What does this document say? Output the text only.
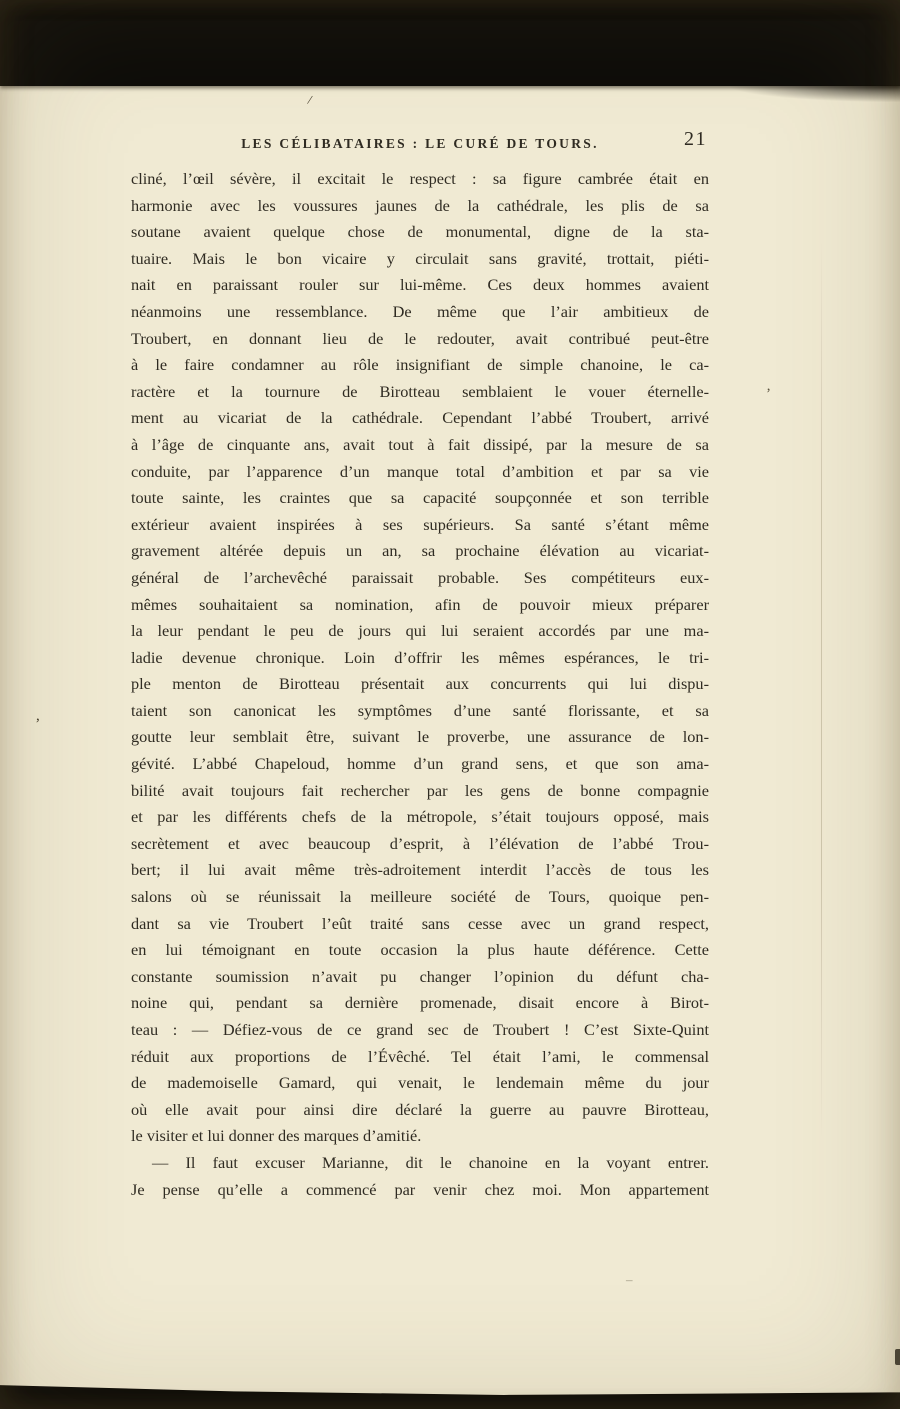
LES CÉLIBATAIRES : LE CURÉ DE TOURS.	21
cliné, l’œil sévère, il excitait le respect : sa figure cambrée était en
harmonie avec les voussures jaunes de la cathédrale, les plis de sa
soutane avaient quelque chose de monumental, digne de la sta-
tuaire. Mais le bon vicaire y circulait sans gravité, trottait, piéti-
nait en paraissant rouler sur lui-même. Ces deux hommes avaient
néanmoins une ressemblance. De même que l’air ambitieux de
Troubert, en donnant lieu de le redouter, avait contribué peut-être
à le faire condamner au rôle insignifiant de simple chanoine, le ca-
ractère et la tournure de Birotteau semblaient le vouer éternelle-
ment au vicariat de la cathédrale. Cependant l’abbé Troubert, arrivé
à l’âge de cinquante ans, avait tout à fait dissipé, par la mesure de sa
conduite, par l’apparence d’un manque total d’ambition et par sa vie
toute sainte, les craintes que sa capacité soupçonnée et son terrible
extérieur avaient inspirées à ses supérieurs. Sa santé s’étant même
gravement altérée depuis un an, sa prochaine élévation au vicariat-
général de l’archevêché paraissait probable. Ses compétiteurs eux-
mêmes souhaitaient sa nomination, afin de pouvoir mieux préparer
la leur pendant le peu de jours qui lui seraient accordés par une ma-
ladie devenue chronique. Loin d’offrir les mêmes espérances, le tri-
ple menton de Birotteau présentait aux concurrents qui lui dispu-
taient son canonicat les symptômes d’une santé florissante, et sa
goutte leur semblait être, suivant le proverbe, une assurance de lon-
gévité. L’abbé Chapeloud, homme d’un grand sens, et que son ama-
bilité avait toujours fait rechercher par les gens de bonne compagnie
et par les différents chefs de la métropole, s’était toujours opposé, mais
secrètement et avec beaucoup d’esprit, à l’élévation de l’abbé Trou-
bert; il lui avait même très-adroitement interdit l’accès de tous les
salons où se réunissait la meilleure société de Tours, quoique pen-
dant sa vie Troubert l’eût traité sans cesse avec un grand respect,
en lui témoignant en toute occasion la plus haute déférence. Cette
constante soumission n’avait pu changer l’opinion du défunt cha-
noine qui, pendant sa dernière promenade, disait encore à Birot-
teau : — Défiez-vous de ce grand sec de Troubert ! C’est Sixte-Quint
réduit aux proportions de l’Évêché. Tel était l’ami, le commensal
de mademoiselle Gamard, qui venait, le lendemain même du jour
où elle avait pour ainsi dire déclaré la guerre au pauvre Birotteau,
le visiter et lui donner des marques d’amitié.
— Il faut excuser Marianne, dit le chanoine en la voyant entrer.
Je pense qu’elle a commencé par venir chez moi. Mon appartement
/
’
,
–
